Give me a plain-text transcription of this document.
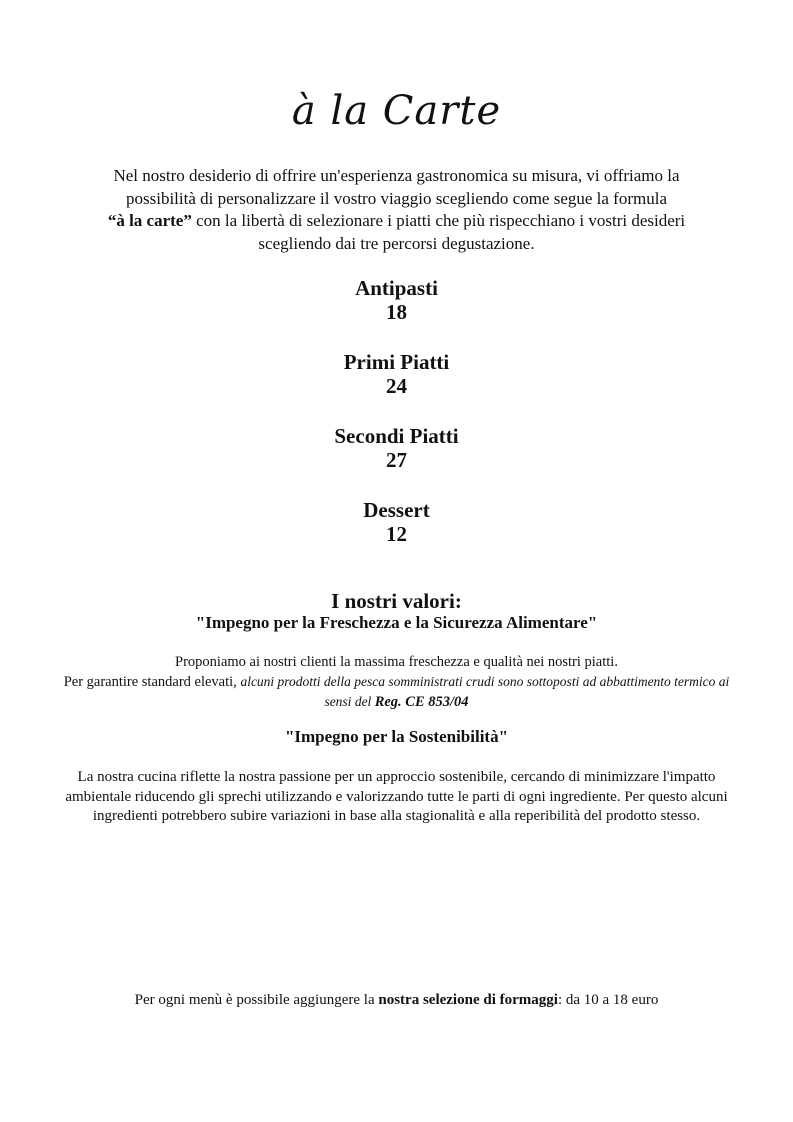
à la Carte
Nel nostro desiderio di offrire un'esperienza gastronomica su misura, vi offriamo la
possibilità di personalizzare il vostro viaggio scegliendo come segue la formula
“à la carte” con la libertà di selezionare i piatti che più rispecchiano i vostri desideri
scegliendo dai tre percorsi degustazione.
Antipasti
18
Primi Piatti
24
Secondi Piatti
27
Dessert
12
I nostri valori:
"Impegno per la Freschezza e la Sicurezza Alimentare"
Proponiamo ai nostri clienti la massima freschezza e qualità nei nostri piatti.
Per garantire standard elevati, alcuni prodotti della pesca somministrati crudi sono sottoposti ad abbattimento termico ai sensi del Reg. CE 853/04
"Impegno per la Sostenibilità"
La nostra cucina riflette la nostra passione per un approccio sostenibile, cercando di minimizzare l'impatto ambientale riducendo gli sprechi utilizzando e valorizzando tutte le parti di ogni ingrediente. Per questo alcuni ingredienti potrebbero subire variazioni in base alla stagionalità e alla reperibilità del prodotto stesso.
Per ogni menù è possibile aggiungere la nostra selezione di formaggi: da 10 a 18 euro
